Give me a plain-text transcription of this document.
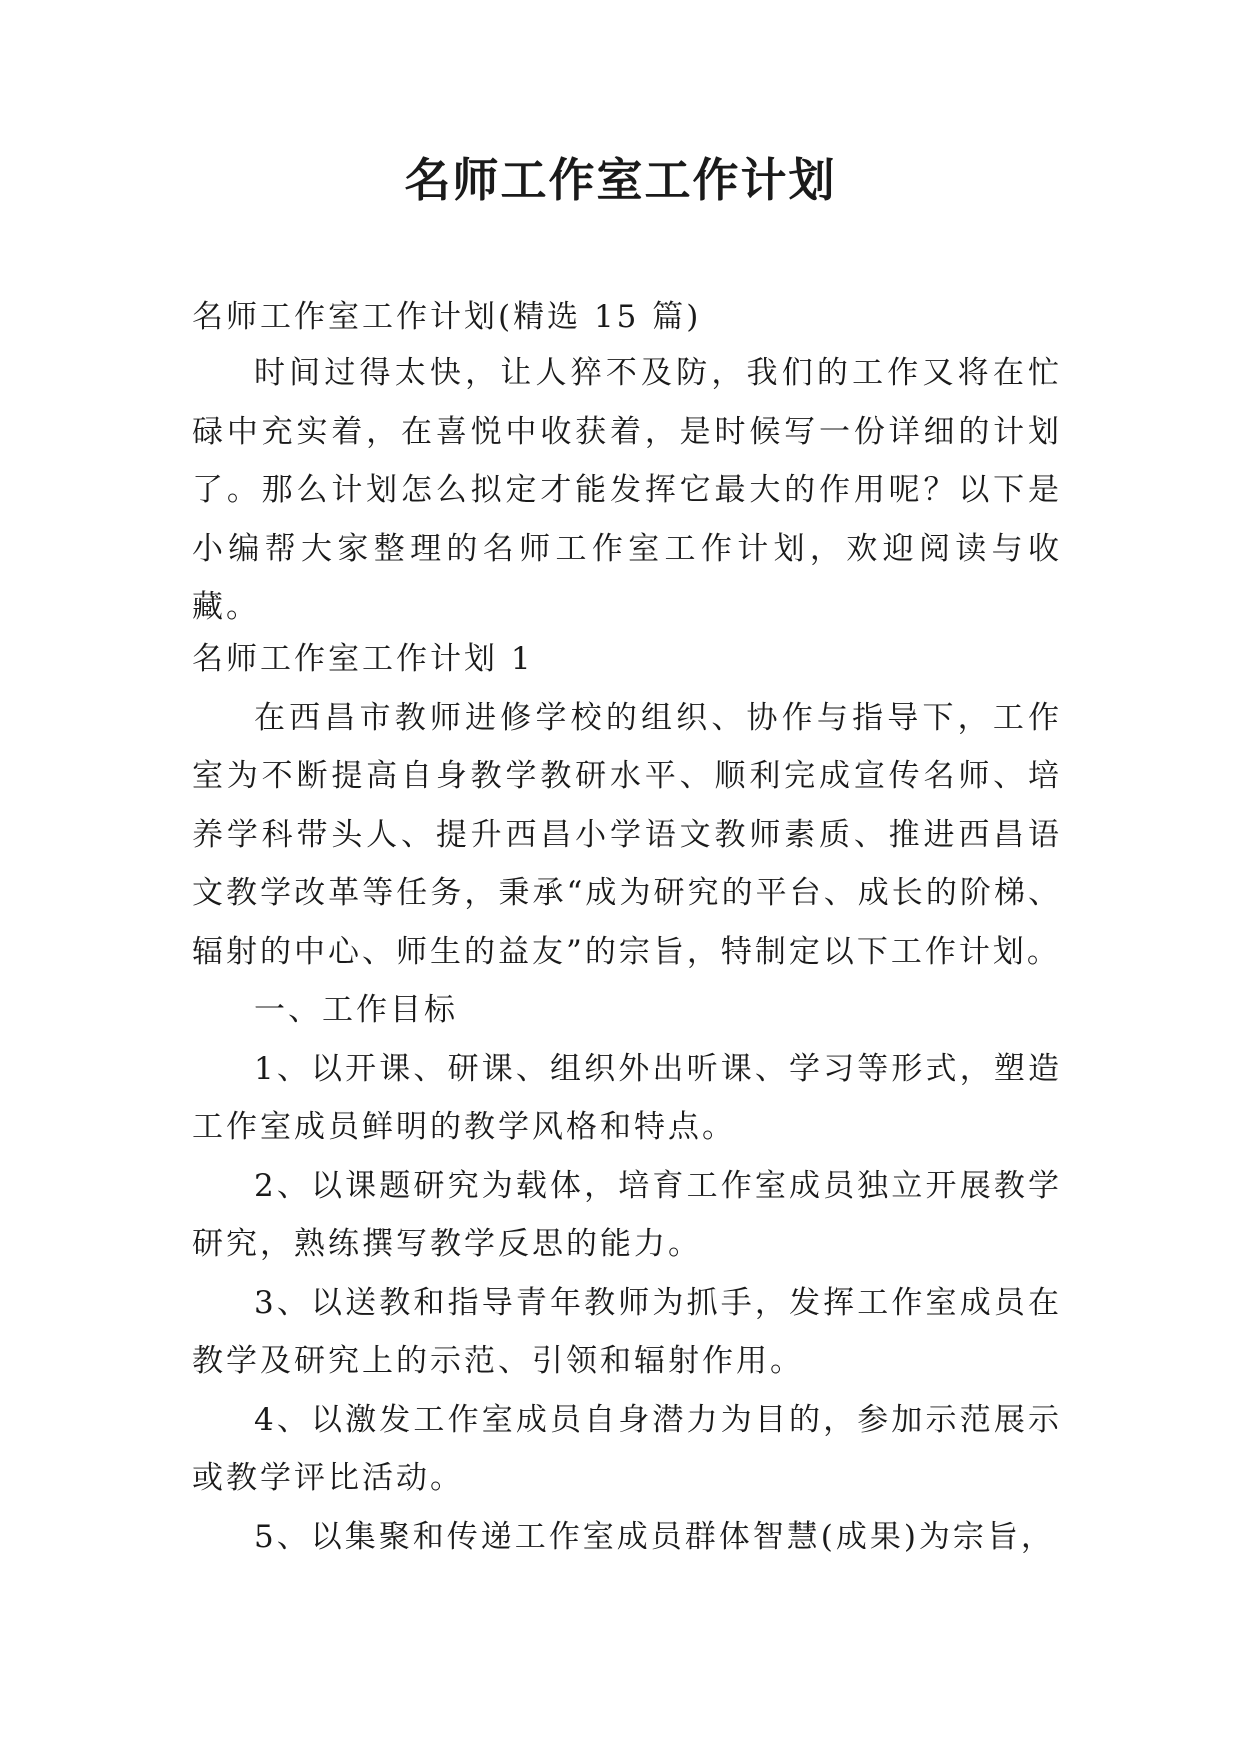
名师工作室工作计划
名师工作室工作计划(精选 15 篇)

时间过得太快，让人猝不及防，我们的工作又将在忙碌中充实着，在喜悦中收获着，是时候写一份详细的计划了。那么计划怎么拟定才能发挥它最大的作用呢？以下是小编帮大家整理的名师工作室工作计划，欢迎阅读与收藏。

名师工作室工作计划 1

在西昌市教师进修学校的组织、协作与指导下，工作室为不断提高自身教学教研水平、顺利完成宣传名师、培养学科带头人、提升西昌小学语文教师素质、推进西昌语文教学改革等任务，秉承“成为研究的平台、成长的阶梯、辐射的中心、师生的益友”的宗旨，特制定以下工作计划。

一、工作目标

1、以开课、研课、组织外出听课、学习等形式，塑造工作室成员鲜明的教学风格和特点。

2、以课题研究为载体，培育工作室成员独立开展教学研究，熟练撰写教学反思的能力。

3、以送教和指导青年教师为抓手，发挥工作室成员在教学及研究上的示范、引领和辐射作用。

4、以激发工作室成员自身潜力为目的，参加示范展示或教学评比活动。

5、以集聚和传递工作室成员群体智慧(成果)为宗旨，
